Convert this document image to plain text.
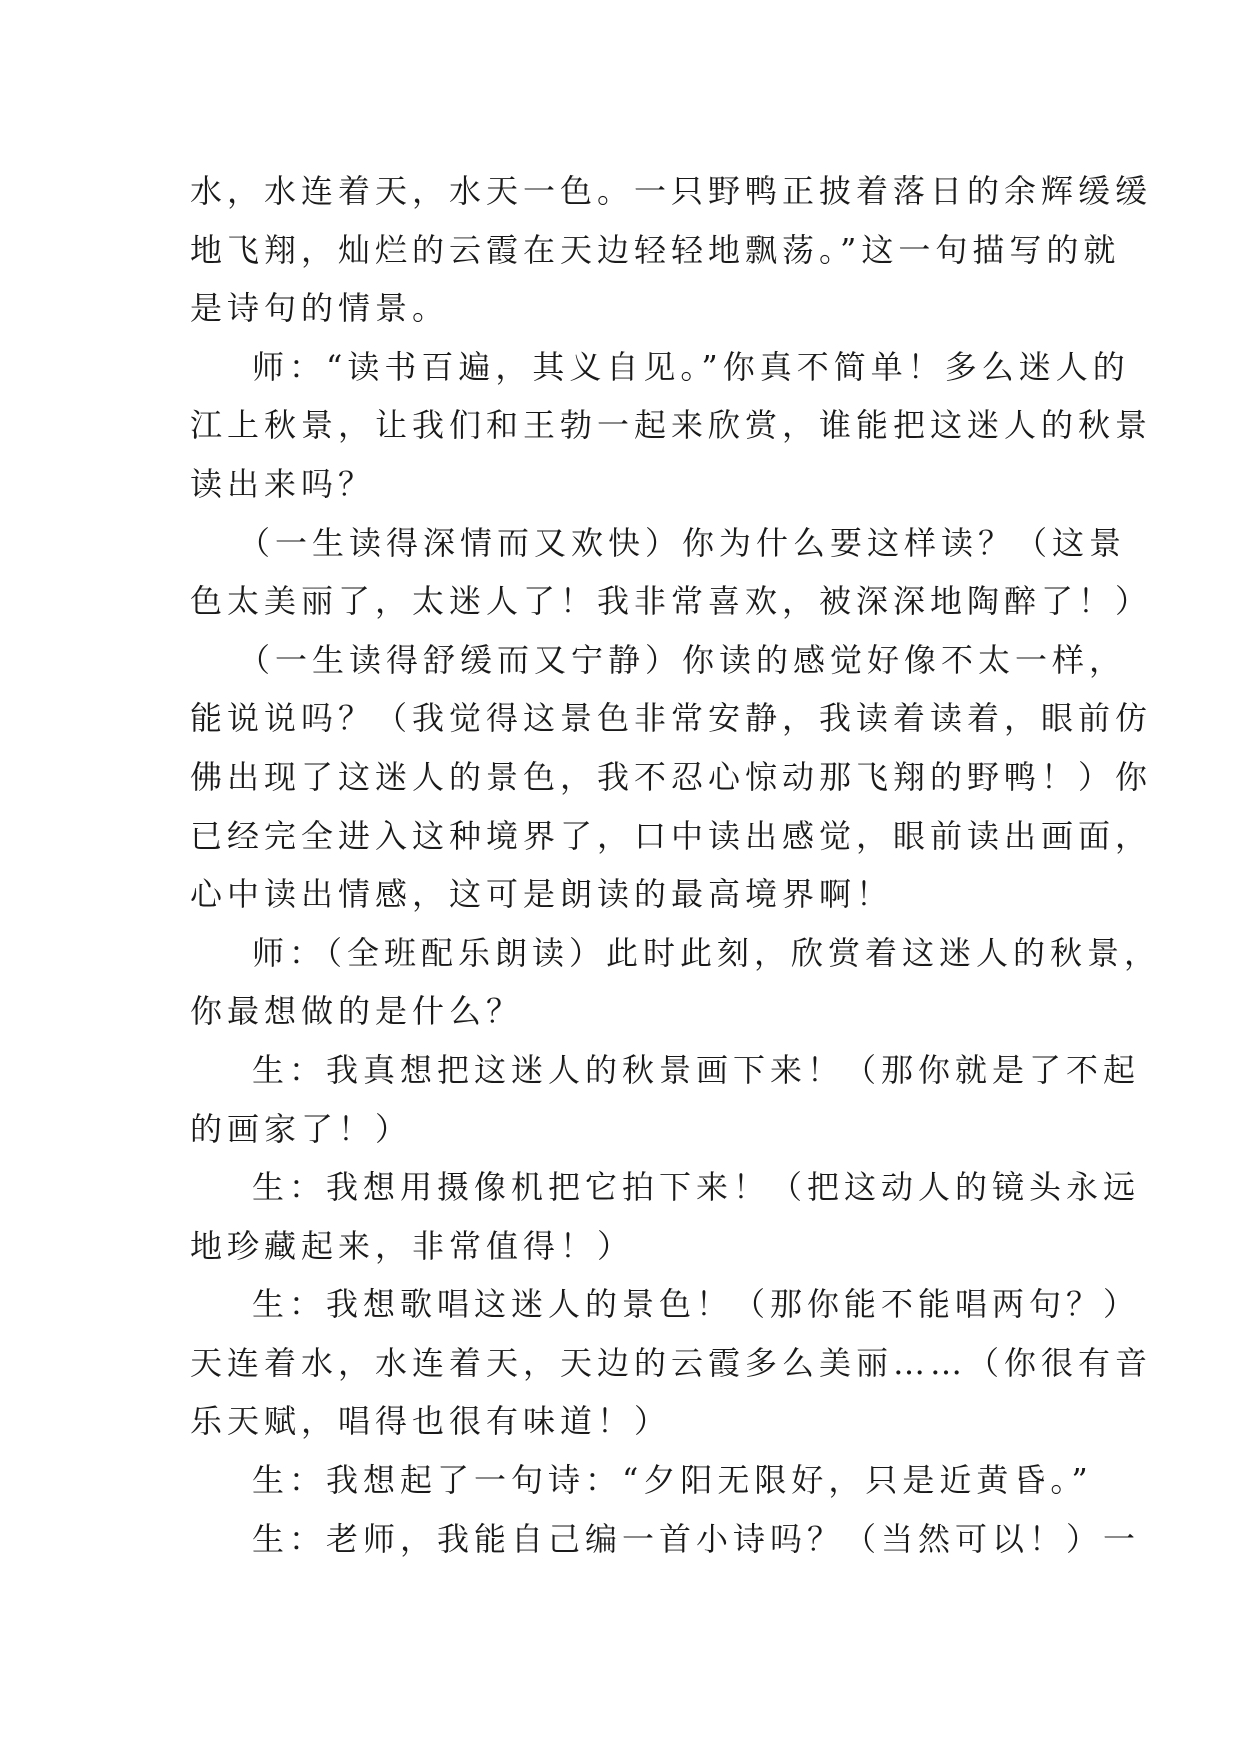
水，水连着天，水天一色。一只野鸭正披着落日的余辉缓缓
地飞翔，灿烂的云霞在天边轻轻地飘荡。”这一句描写的就
是诗句的情景。
师：“读书百遍，其义自见。”你真不简单！多么迷人的
江上秋景，让我们和王勃一起来欣赏，谁能把这迷人的秋景
读出来吗？
（一生读得深情而又欢快）你为什么要这样读？（这景
色太美丽了，太迷人了！我非常喜欢，被深深地陶醉了！）
（一生读得舒缓而又宁静）你读的感觉好像不太一样，
能说说吗？（我觉得这景色非常安静，我读着读着，眼前仿
佛出现了这迷人的景色，我不忍心惊动那飞翔的野鸭！）你
已经完全进入这种境界了，口中读出感觉，眼前读出画面，
心中读出情感，这可是朗读的最高境界啊！
师：（全班配乐朗读）此时此刻，欣赏着这迷人的秋景，
你最想做的是什么？
生：我真想把这迷人的秋景画下来！（那你就是了不起
的画家了！）
生：我想用摄像机把它拍下来！（把这动人的镜头永远
地珍藏起来，非常值得！）
生：我想歌唱这迷人的景色！（那你能不能唱两句？）
天连着水，水连着天，天边的云霞多么美丽……（你很有音
乐天赋，唱得也很有味道！）
生：我想起了一句诗：“夕阳无限好，只是近黄昏。”
生：老师，我能自己编一首小诗吗？（当然可以！）一
